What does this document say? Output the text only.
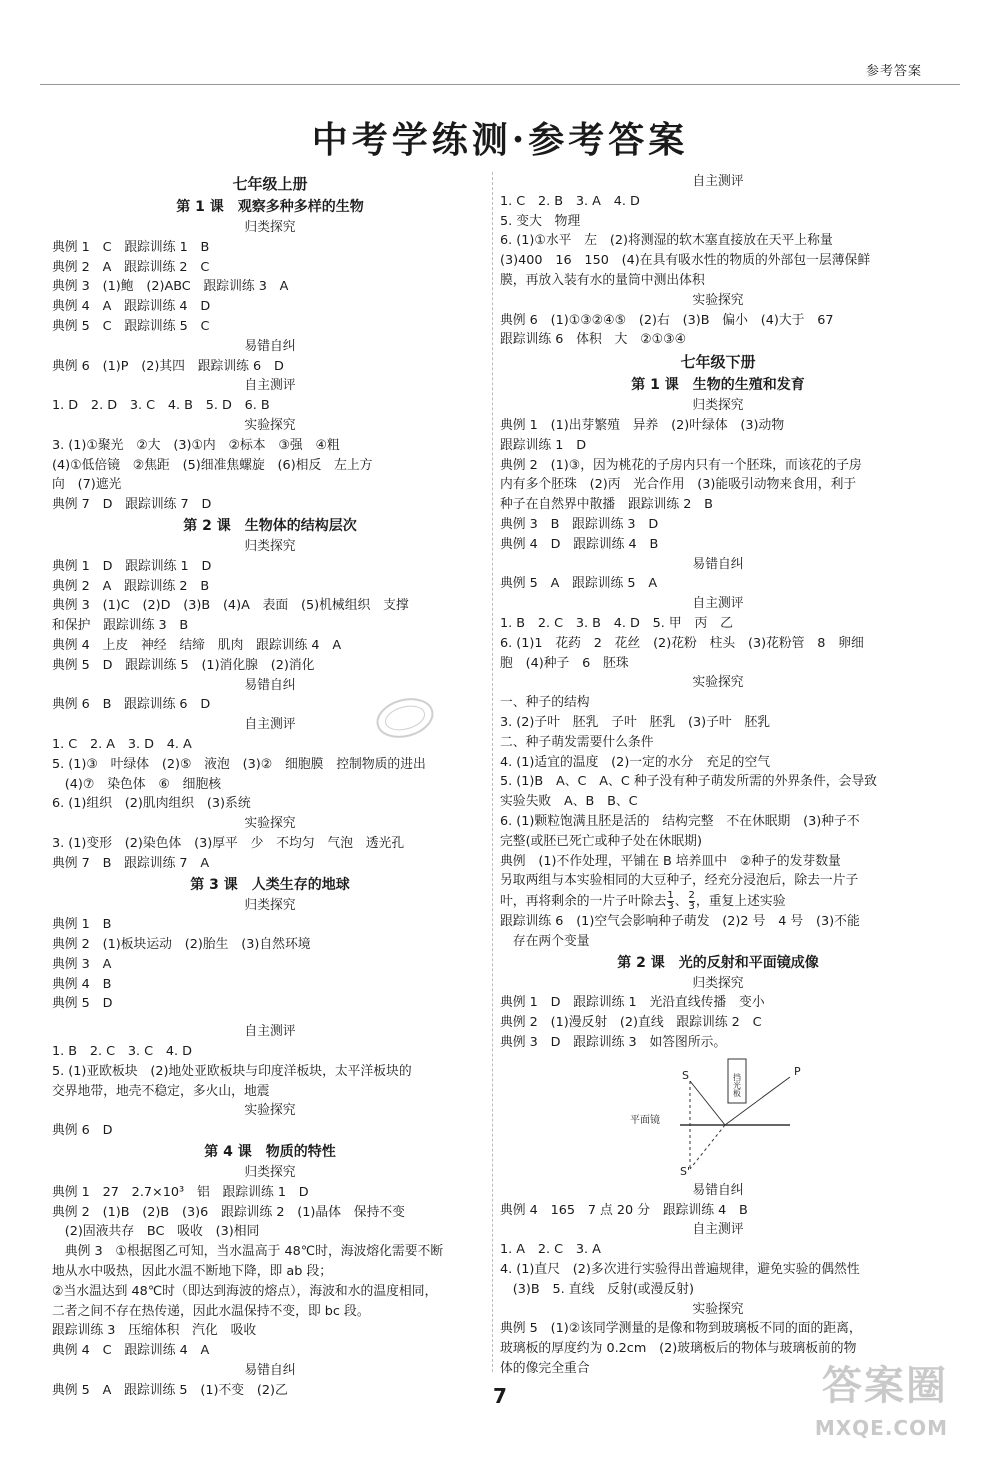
参考答案
中考学练测·参考答案
七年级上册
第 1 课　观察多种多样的生物
归类探究
典例 1　C　跟踪训练 1　B
典例 2　A　跟踪训练 2　C
典例 3　(1)鲍　(2)ABC　跟踪训练 3　A
典例 4　A　跟踪训练 4　D
典例 5　C　跟踪训练 5　C
易错自纠
典例 6　(1)P　(2)其四　跟踪训练 6　D
自主测评
1. D　2. D　3. C　4. B　5. D　6. B
实验探究
3. (1)①聚光　②大　(3)①内　②标本　③强　④粗
(4)①低倍镜　②焦距　(5)细准焦螺旋　(6)相反　左上方
向　(7)遮光
典例 7　D　跟踪训练 7　D
第 2 课　生物体的结构层次
归类探究
典例 1　D　跟踪训练 1　D
典例 2　A　跟踪训练 2　B
典例 3　(1)C　(2)D　(3)B　(4)A　表面　(5)机械组织　支撑
和保护　跟踪训练 3　B
典例 4　上皮　神经　结缔　肌肉　跟踪训练 4　A
典例 5　D　跟踪训练 5　(1)消化腺　(2)消化
易错自纠
典例 6　B　跟踪训练 6　D
自主测评
1. C　2. A　3. D　4. A
5. (1)③　叶绿体　(2)⑤　液泡　(3)②　细胞膜　控制物质的进出
　(4)⑦　染色体　⑥　细胞核
6. (1)组织　(2)肌肉组织　(3)系统
实验探究
3. (1)变形　(2)染色体　(3)厚平　少　不均匀　气泡　透光孔
典例 7　B　跟踪训练 7　A
第 3 课　人类生存的地球
归类探究
典例 1　B
典例 2　(1)板块运动　(2)胎生　(3)自然环境
典例 3　A
典例 4　B
典例 5　D
自主测评
1. B　2. C　3. C　4. D
5. (1)亚欧板块　(2)地处亚欧板块与印度洋板块，太平洋板块的
交界地带，地壳不稳定，多火山，地震
实验探究
典例 6　D
第 4 课　物质的特性
归类探究
典例 1　27　2.7×10³　铝　跟踪训练 1　D
典例 2　(1)B　(2)B　(3)6　跟踪训练 2　(1)晶体　保持不变
　(2)固液共存　BC　吸收　(3)相同
　典例 3　①根据图乙可知，当水温高于 48℃时，海波熔化需要不断
地从水中吸热，因此水温不断地下降，即 ab 段；
②当水温达到 48℃时（即达到海波的熔点），海波和水的温度相同，
二者之间不存在热传递，因此水温保持不变，即 bc 段。
跟踪训练 3　压缩体积　汽化　吸收
典例 4　C　跟踪训练 4　A
易错自纠
典例 5　A　跟踪训练 5　(1)不变　(2)乙
自主测评
1. C　2. B　3. A　4. D
5. 变大　物理
6. (1)①水平　左　(2)将测湿的软木塞直接放在天平上称量
(3)400　16　150　(4)在具有吸水性的物质的外部包一层薄保鲜
膜，再放入装有水的量筒中测出体积
实验探究
典例 6　(1)①③②④⑤　(2)右　(3)B　偏小　(4)大于　67
跟踪训练 6　体积　大　②①③④
七年级下册
第 1 课　生物的生殖和发育
归类探究
典例 1　(1)出芽繁殖　异养　(2)叶绿体　(3)动物
跟踪训练 1　D
典例 2　(1)③，因为桃花的子房内只有一个胚珠，而该花的子房
内有多个胚珠　(2)丙　光合作用　(3)能吸引动物来食用，利于
种子在自然界中散播　跟踪训练 2　B
典例 3　B　跟踪训练 3　D
典例 4　D　跟踪训练 4　B
易错自纠
典例 5　A　跟踪训练 5　A
自主测评
1. B　2. C　3. B　4. D　5. 甲　丙　乙
6. (1)1　花药　2　花丝　(2)花粉　柱头　(3)花粉管　8　卵细
胞　(4)种子　6　胚珠
实验探究
一、种子的结构
3. (2)子叶　胚乳　子叶　胚乳　(3)子叶　胚乳
二、种子萌发需要什么条件
4. (1)适宜的温度　(2)一定的水分　充足的空气
5. (1)B　A、C　A、C 种子没有种子萌发所需的外界条件，会导致
实验失败　A、B　B、C
6. (1)颗粒饱满且胚是活的　结构完整　不在休眠期　(3)种子不
完整(或胚已死亡或种子处在休眠期)
典例　(1)不作处理，平铺在 B 培养皿中　②种子的发芽数量
另取两组与本实验相同的大豆种子，经充分浸泡后，除去一片子
叶，再将剩余的一片子叶除去 $\frac{1}{3}$ 、 $\frac{2}{3}$ ，重复上述实验
跟踪训练 6　(1)空气会影响种子萌发　(2)2 号　4 号　(3)不能
　存在两个变量
第 2 课　光的反射和平面镜成像
归类探究
典例 1　D　跟踪训练 1　光沿直线传播　变小
典例 2　(1)漫反射　(2)直线　跟踪训练 2　C
典例 3　D　跟踪训练 3　如答图所示。
挡光板
平面镜
S	P
S'
易错自纠
典例 4　165　7 点 20 分　跟踪训练 4　B
自主测评
1. A　2. C　3. A
4. (1)直尺　(2)多次进行实验得出普遍规律，避免实验的偶然性
　(3)B　5. 直线　反射(或漫反射)
实验探究
典例 5　(1)②该同学测量的是像和物到玻璃板不同的面的距离，
玻璃板的厚度约为 0.2cm　(2)玻璃板后的物体与玻璃板前的物
体的像完全重合
7	答案圈
MXQE.COM
